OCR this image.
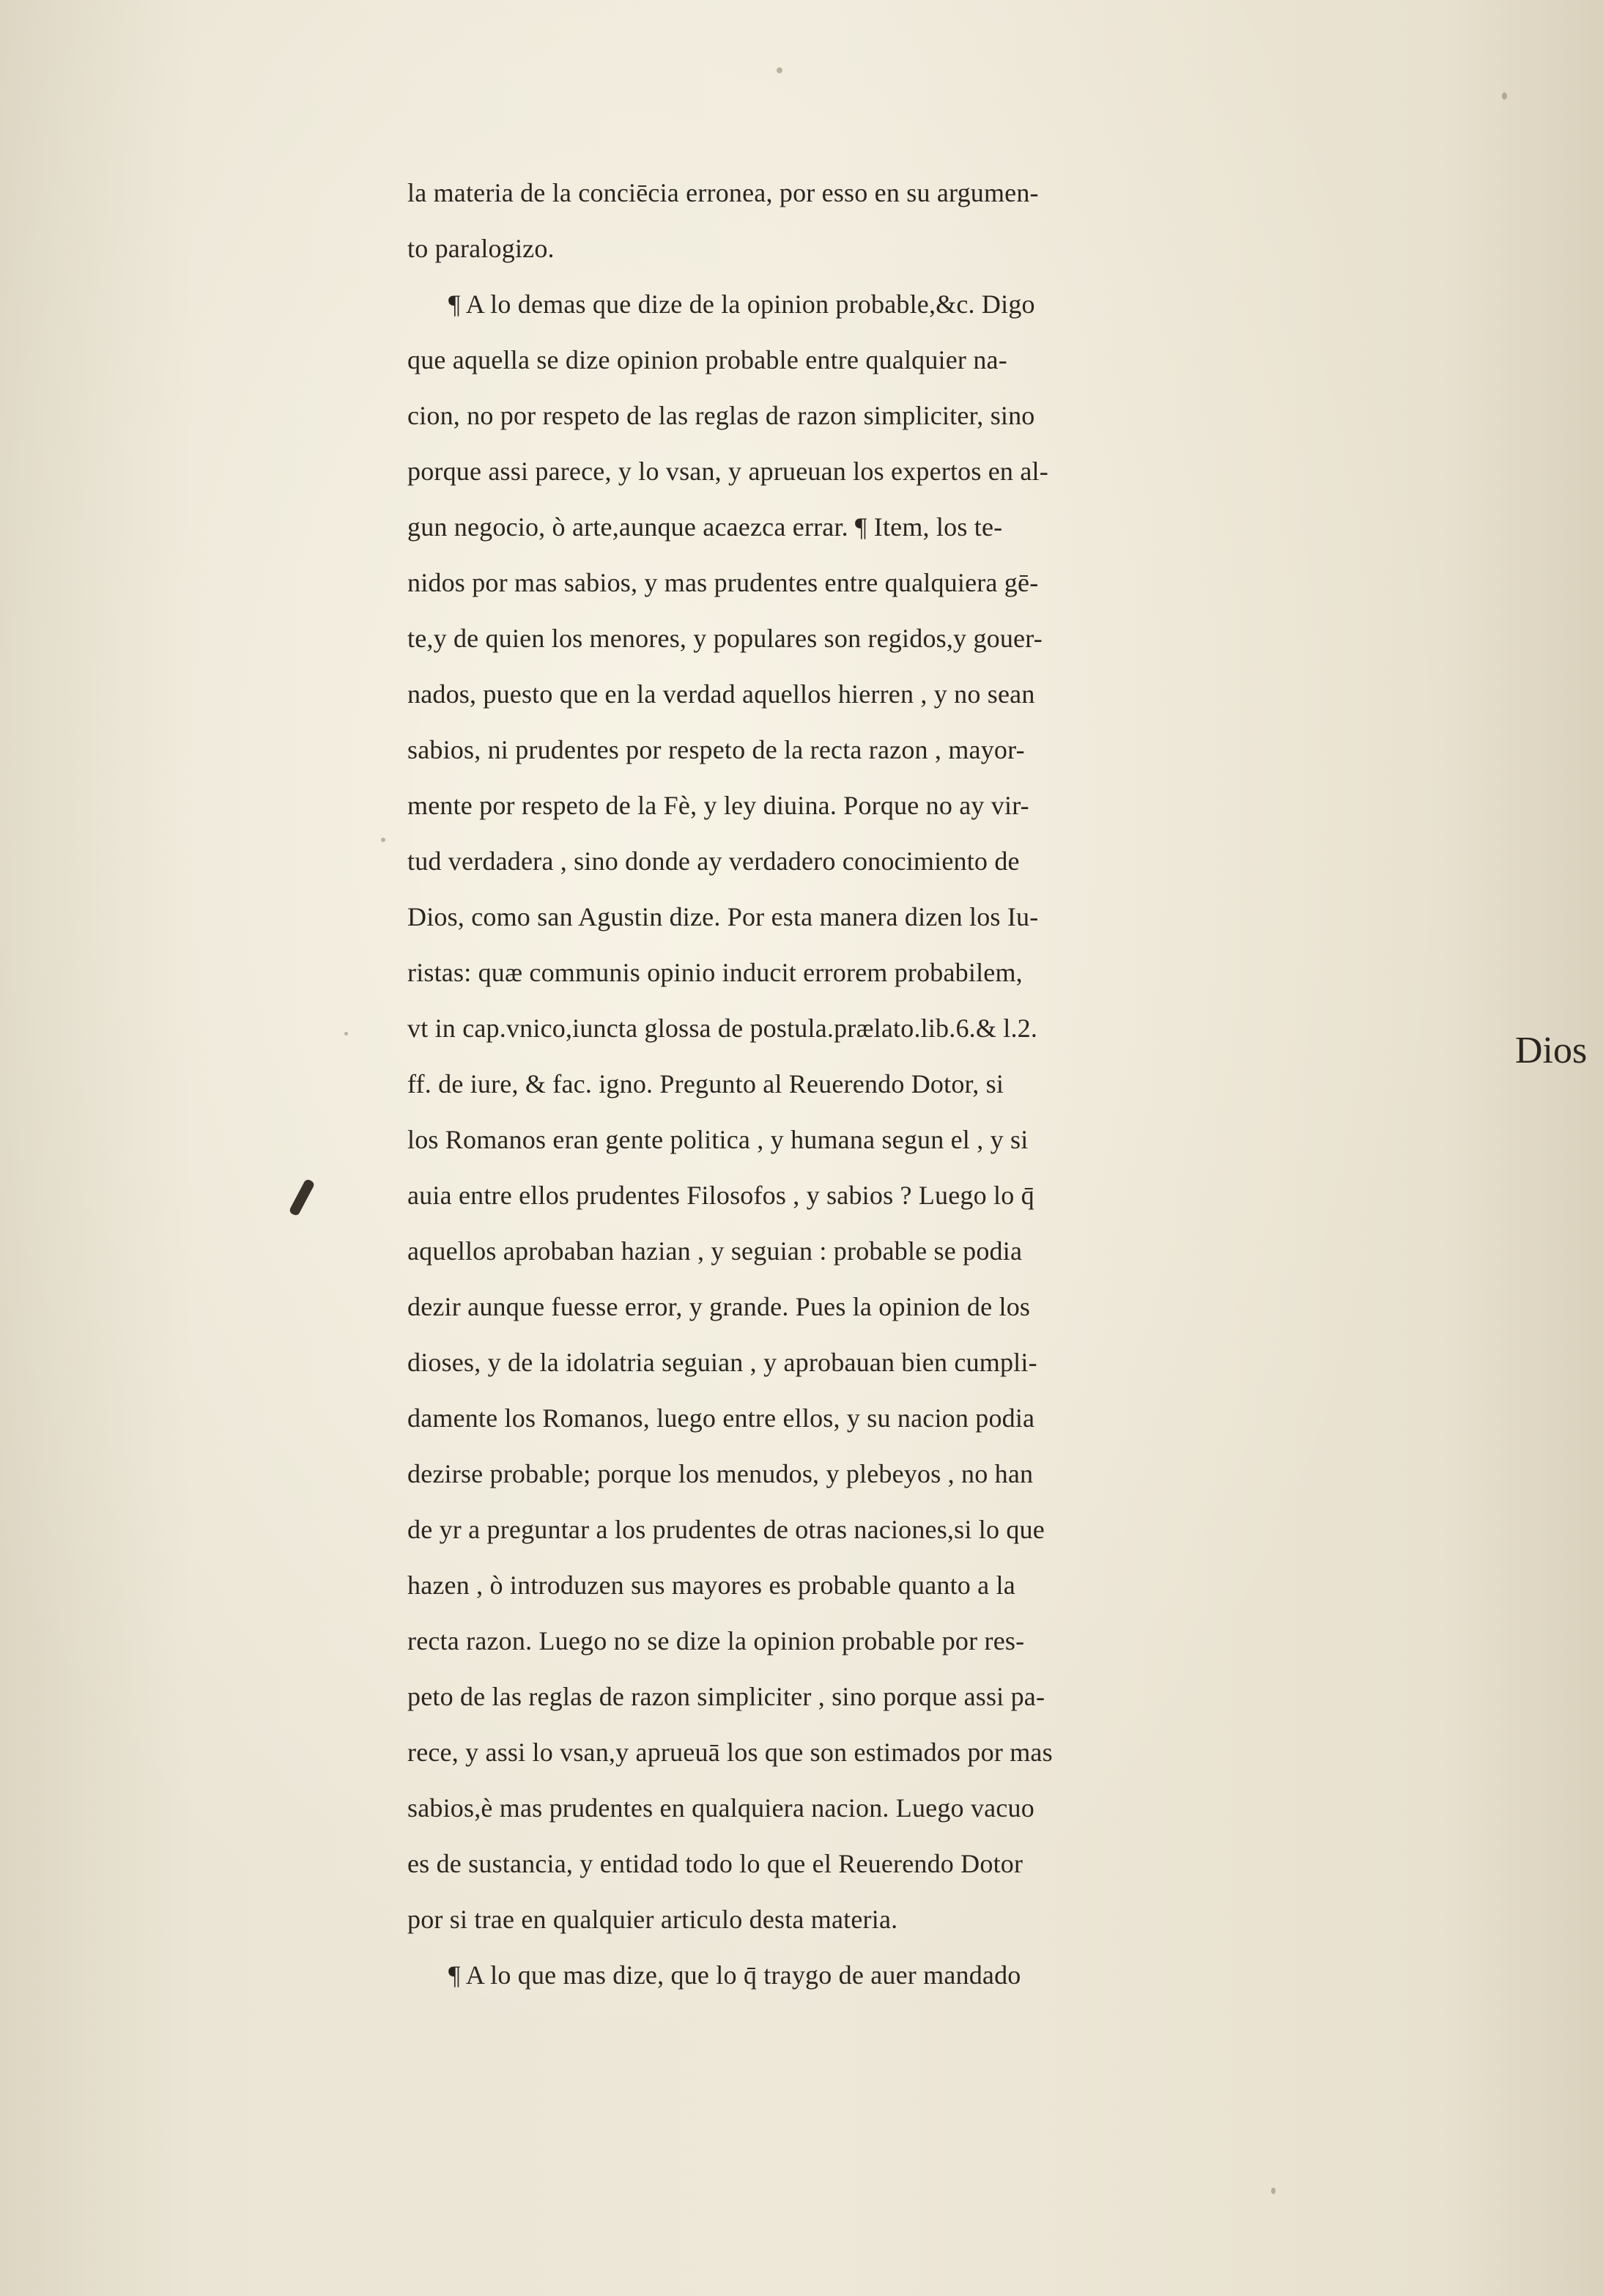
la materia de la conciēcia erronea, por esso en su argumen-
to paralogizo.
¶ A lo demas que dize de la opinion probable,&c. Digo
que aquella se dize opinion probable entre qualquier na-
cion, no por respeto de las reglas de razon simpliciter, sino
porque assi parece, y lo vsan, y aprueuan los expertos en al-
gun negocio, ò arte,aunque acaezca errar. ¶ Item, los te-
nidos por mas sabios, y mas prudentes entre qualquiera gē-
te,y de quien los menores, y populares son regidos,y gouer-
nados, puesto que en la verdad aquellos hierren , y no sean
sabios, ni prudentes por respeto de la recta razon , mayor-
mente por respeto de la Fè, y ley diuina. Porque no ay vir-
tud verdadera , sino donde ay verdadero conocimiento de
Dios, como san Agustin dize. Por esta manera dizen los Iu-
ristas: quæ communis opinio inducit errorem probabilem,
vt in cap.vnico,iuncta glossa de postula.prælato.lib.6.& l.2.
ff. de iure, & fac. igno. Pregunto al Reuerendo Dotor, si
los Romanos eran gente politica , y humana segun el , y si
auia entre ellos prudentes Filosofos , y sabios ? Luego lo q̄
aquellos aprobaban hazian , y seguian : probable se podia
dezir aunque fuesse error, y grande. Pues la opinion de los
dioses, y de la idolatria seguian , y aprobauan bien cumpli-
damente los Romanos, luego entre ellos, y su nacion podia
dezirse probable; porque los menudos, y plebeyos , no han
de yr a preguntar a los prudentes de otras naciones,si lo que
hazen , ò introduzen sus mayores es probable quanto a la
recta razon. Luego no se dize la opinion probable por res-
peto de las reglas de razon simpliciter , sino porque assi pa-
rece, y assi lo vsan,y aprueuā los que son estimados por mas
sabios,è mas prudentes en qualquiera nacion. Luego vacuo
es de sustancia, y entidad todo lo que el Reuerendo Dotor
por si trae en qualquier articulo desta materia.
¶ A lo que mas dize, que lo q̄ traygo de auer mandado
Dios
